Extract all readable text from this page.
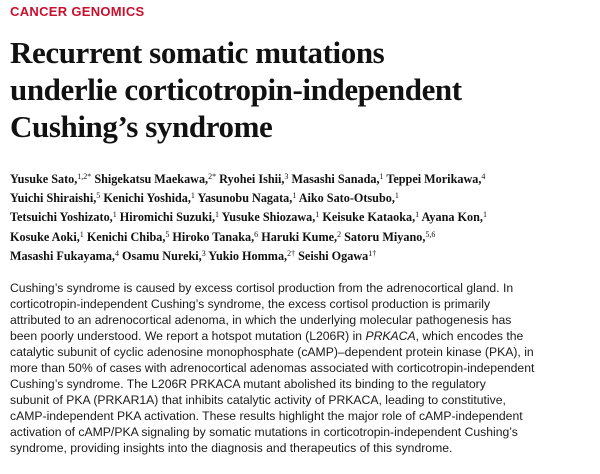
CANCER GENOMICS
Recurrent somatic mutations
underlie corticotropin-independent
Cushing’s syndrome
Yusuke Sato,$^{1,2*}$ Shigekatsu Maekawa,$^{2*}$ Ryohei Ishii,$^3$ Masashi Sanada,$^1$ Teppei Morikawa,$^4$
Yuichi Shiraishi,$^5$ Kenichi Yoshida,$^1$ Yasunobu Nagata,$^1$ Aiko Sato-Otsubo,$^1$
Tetsuichi Yoshizato,$^1$ Hiromichi Suzuki,$^1$ Yusuke Shiozawa,$^1$ Keisuke Kataoka,$^1$ Ayana Kon,$^1$
Kosuke Aoki,$^1$ Kenichi Chiba,$^5$ Hiroko Tanaka,$^6$ Haruki Kume,$^2$ Satoru Miyano,$^{5,6}$
Masashi Fukayama,$^4$ Osamu Nureki,$^3$ Yukio Homma,$^{2\dagger}$ Seishi Ogawa$^{1\dagger}$
Cushing’s syndrome is caused by excess cortisol production from the adrenocortical gland. In
corticotropin-independent Cushing’s syndrome, the excess cortisol production is primarily
attributed to an adrenocortical adenoma, in which the underlying molecular pathogenesis has
been poorly understood. We report a hotspot mutation (L206R) in PRKACA, which encodes the
catalytic subunit of cyclic adenosine monophosphate (cAMP)–dependent protein kinase (PKA), in
more than 50% of cases with adrenocortical adenomas associated with corticotropin-independent
Cushing’s syndrome. The L206R PRKACA mutant abolished its binding to the regulatory
subunit of PKA (PRKAR1A) that inhibits catalytic activity of PRKACA, leading to constitutive,
cAMP-independent PKA activation. These results highlight the major role of cAMP-independent
activation of cAMP/PKA signaling by somatic mutations in corticotropin-independent Cushing’s
syndrome, providing insights into the diagnosis and therapeutics of this syndrome.
